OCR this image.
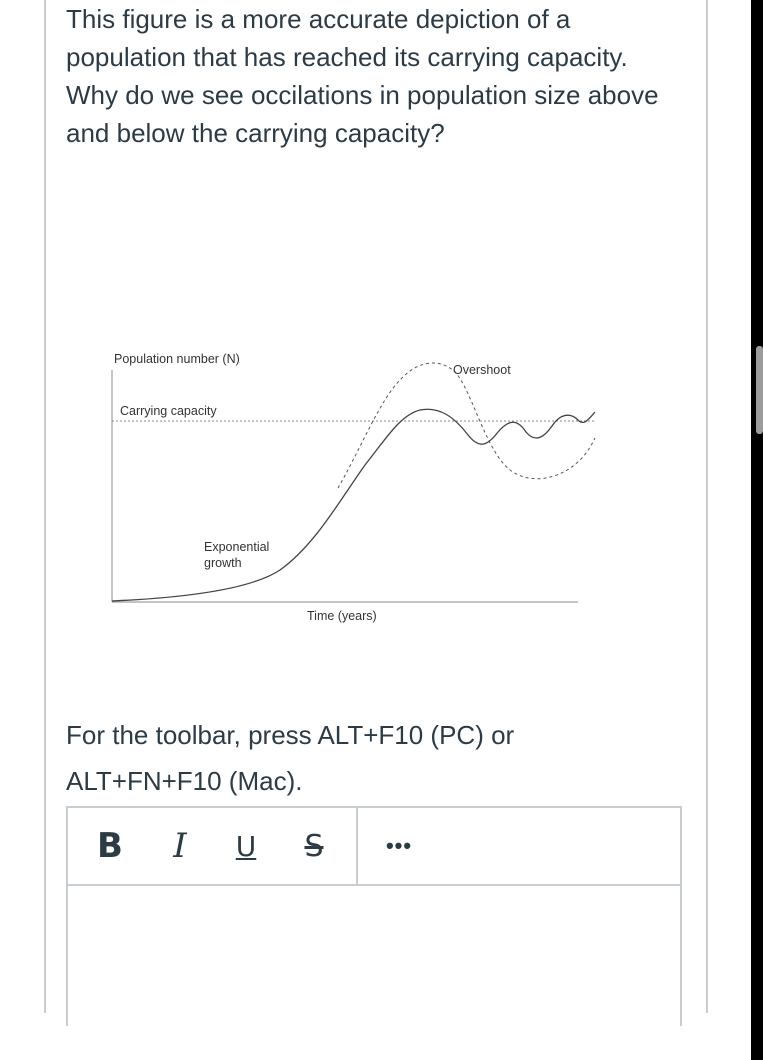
This figure is a more accurate depiction of a population that has reached its carrying capacity. Why do we see occilations in population size above and below the carrying capacity?

Population number (N)
Carrying capacity
Overshoot
Exponential
growth
Time (years)

For the toolbar, press ALT+F10 (PC) or ALT+FN+F10 (Mac).

B	I	U	S	•••
